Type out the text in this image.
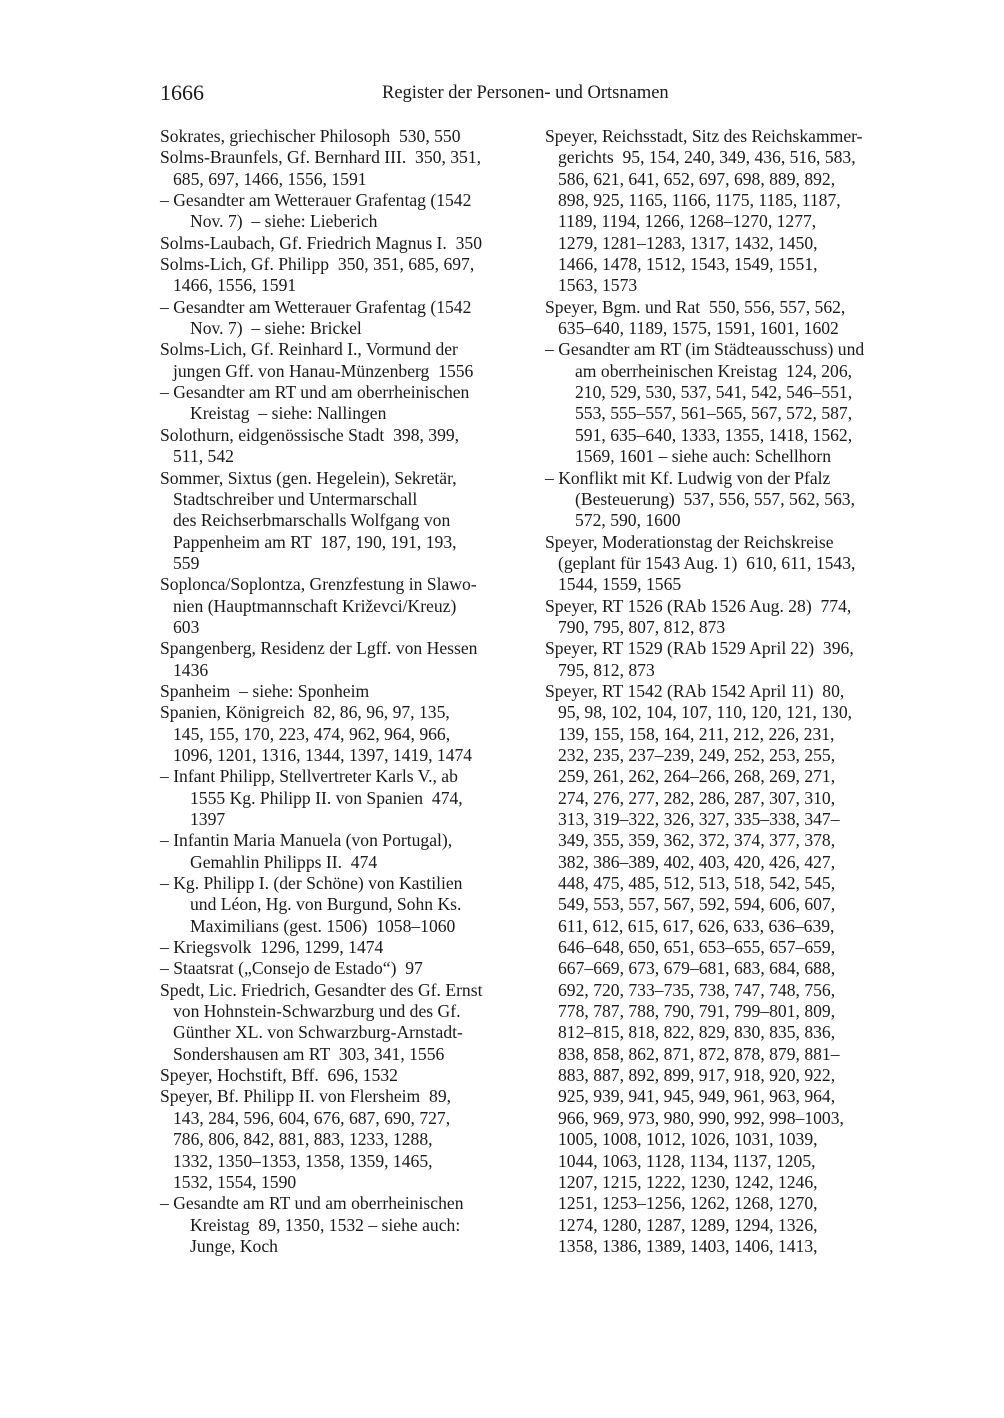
1666	Register der Personen- und Ortsnamen
Sokrates, griechischer Philosoph  530, 550
Solms-Braunfels, Gf. Bernhard III.  350, 351,
685, 697, 1466, 1556, 1591
– Gesandter am Wetterauer Grafentag (1542
Nov. 7)  – siehe: Lieberich
Solms-Laubach, Gf. Friedrich Magnus I.  350
Solms-Lich, Gf. Philipp  350, 351, 685, 697,
1466, 1556, 1591
– Gesandter am Wetterauer Grafentag (1542
Nov. 7)  – siehe: Brickel
Solms-Lich, Gf. Reinhard I., Vormund der
jungen Gff. von Hanau-Münzenberg  1556
– Gesandter am RT und am oberrheinischen
Kreistag  – siehe: Nallingen
Solothurn, eidgenössische Stadt  398, 399,
511, 542
Sommer, Sixtus (gen. Hegelein), Sekretär,
Stadtschreiber und Untermarschall
des Reichserbmarschalls Wolfgang von
Pappenheim am RT  187, 190, 191, 193,
559
Soplonca/Soplontza, Grenzfestung in Slawo-
nien (Hauptmannschaft Križevci/Kreuz)
603
Spangenberg, Residenz der Lgff. von Hessen
1436
Spanheim  – siehe: Sponheim
Spanien, Königreich  82, 86, 96, 97, 135,
145, 155, 170, 223, 474, 962, 964, 966,
1096, 1201, 1316, 1344, 1397, 1419, 1474
– Infant Philipp, Stellvertreter Karls V., ab
1555 Kg. Philipp II. von Spanien  474,
1397
– Infantin Maria Manuela (von Portugal),
Gemahlin Philipps II.  474
– Kg. Philipp I. (der Schöne) von Kastilien
und Léon, Hg. von Burgund, Sohn Ks.
Maximilians (gest. 1506)  1058–1060
– Kriegsvolk  1296, 1299, 1474
– Staatsrat („Consejo de Estado“)  97
Spedt, Lic. Friedrich, Gesandter des Gf. Ernst
von Hohnstein-Schwarzburg und des Gf.
Günther XL. von Schwarzburg-Arnstadt-
Sondershausen am RT  303, 341, 1556
Speyer, Hochstift, Bff.  696, 1532
Speyer, Bf. Philipp II. von Flersheim  89,
143, 284, 596, 604, 676, 687, 690, 727,
786, 806, 842, 881, 883, 1233, 1288,
1332, 1350–1353, 1358, 1359, 1465,
1532, 1554, 1590
– Gesandte am RT und am oberrheinischen
Kreistag  89, 1350, 1532 – siehe auch:
Junge, Koch
Speyer, Reichsstadt, Sitz des Reichskammer-
gerichts  95, 154, 240, 349, 436, 516, 583,
586, 621, 641, 652, 697, 698, 889, 892,
898, 925, 1165, 1166, 1175, 1185, 1187,
1189, 1194, 1266, 1268–1270, 1277,
1279, 1281–1283, 1317, 1432, 1450,
1466, 1478, 1512, 1543, 1549, 1551,
1563, 1573
Speyer, Bgm. und Rat  550, 556, 557, 562,
635–640, 1189, 1575, 1591, 1601, 1602
– Gesandter am RT (im Städteausschuss) und
am oberrheinischen Kreistag  124, 206,
210, 529, 530, 537, 541, 542, 546–551,
553, 555–557, 561–565, 567, 572, 587,
591, 635–640, 1333, 1355, 1418, 1562,
1569, 1601 – siehe auch: Schellhorn
– Konflikt mit Kf. Ludwig von der Pfalz
(Besteuerung)  537, 556, 557, 562, 563,
572, 590, 1600
Speyer, Moderationstag der Reichskreise
(geplant für 1543 Aug. 1)  610, 611, 1543,
1544, 1559, 1565
Speyer, RT 1526 (RAb 1526 Aug. 28)  774,
790, 795, 807, 812, 873
Speyer, RT 1529 (RAb 1529 April 22)  396,
795, 812, 873
Speyer, RT 1542 (RAb 1542 April 11)  80,
95, 98, 102, 104, 107, 110, 120, 121, 130,
139, 155, 158, 164, 211, 212, 226, 231,
232, 235, 237–239, 249, 252, 253, 255,
259, 261, 262, 264–266, 268, 269, 271,
274, 276, 277, 282, 286, 287, 307, 310,
313, 319–322, 326, 327, 335–338, 347–
349, 355, 359, 362, 372, 374, 377, 378,
382, 386–389, 402, 403, 420, 426, 427,
448, 475, 485, 512, 513, 518, 542, 545,
549, 553, 557, 567, 592, 594, 606, 607,
611, 612, 615, 617, 626, 633, 636–639,
646–648, 650, 651, 653–655, 657–659,
667–669, 673, 679–681, 683, 684, 688,
692, 720, 733–735, 738, 747, 748, 756,
778, 787, 788, 790, 791, 799–801, 809,
812–815, 818, 822, 829, 830, 835, 836,
838, 858, 862, 871, 872, 878, 879, 881–
883, 887, 892, 899, 917, 918, 920, 922,
925, 939, 941, 945, 949, 961, 963, 964,
966, 969, 973, 980, 990, 992, 998–1003,
1005, 1008, 1012, 1026, 1031, 1039,
1044, 1063, 1128, 1134, 1137, 1205,
1207, 1215, 1222, 1230, 1242, 1246,
1251, 1253–1256, 1262, 1268, 1270,
1274, 1280, 1287, 1289, 1294, 1326,
1358, 1386, 1389, 1403, 1406, 1413,
